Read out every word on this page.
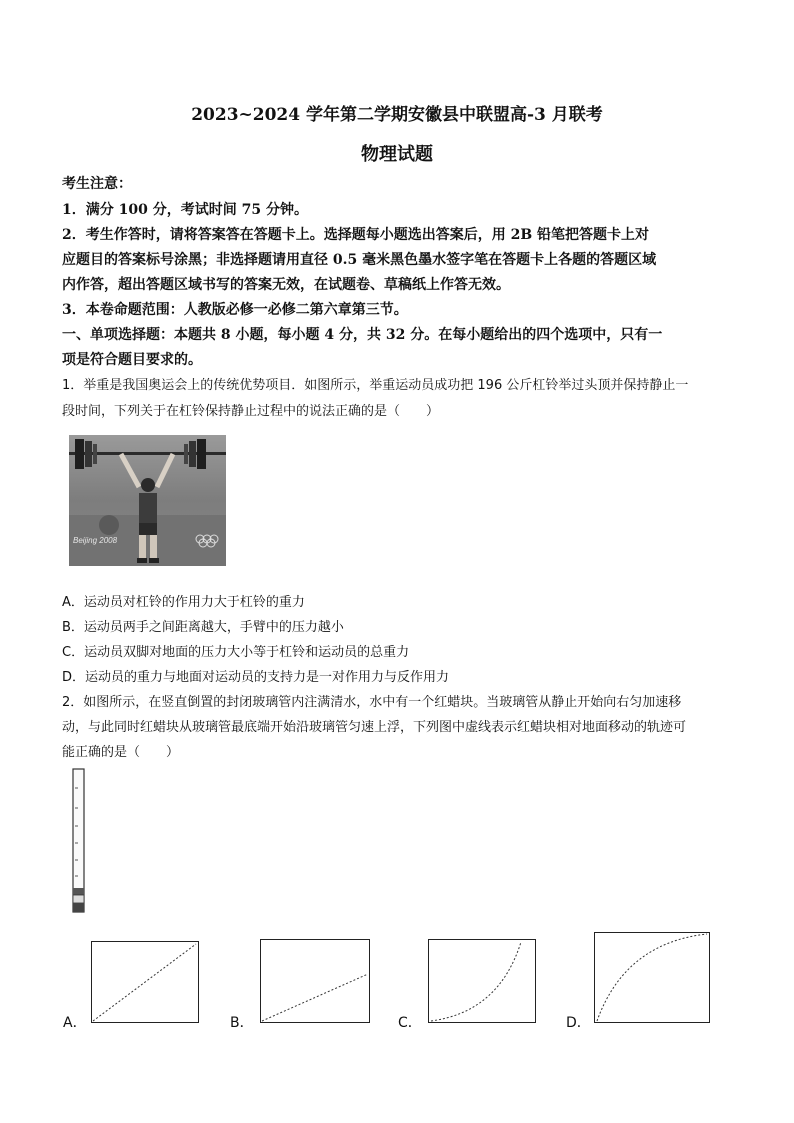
2023~2024 学年第二学期安徽县中联盟高-3 月联考
物理试题
考生注意：
1．满分 100 分，考试时间 75 分钟。
2．考生作答时，请将答案答在答题卡上。选择题每小题选出答案后，用 2B 铅笔把答题卡上对
应题目的答案标号涂黑；非选择题请用直径 0.5 毫米黑色墨水签字笔在答题卡上各题的答题区域
内作答，超出答题区域书写的答案无效，在试题卷、草稿纸上作答无效。
3．本卷命题范围：人教版必修一必修二第六章第三节。
一、单项选择题：本题共 8 小题，每小题 4 分，共 32 分。在每小题给出的四个选项中，只有一
项是符合题目要求的。
1．举重是我国奥运会上的传统优势项目．如图所示，举重运动员成功把 196 公斤杠铃举过头顶并保持静止一
段时间，下列关于在杠铃保持静止过程中的说法正确的是（　　）
Beijing 2008
A．运动员对杠铃的作用力大于杠铃的重力
B．运动员两手之间距离越大，手臂中的压力越小
C．运动员双脚对地面的压力大小等于杠铃和运动员的总重力
D．运动员的重力与地面对运动员的支持力是一对作用力与反作用力
2．如图所示，在竖直倒置的封闭玻璃管内注满清水，水中有一个红蜡块。当玻璃管从静止开始向右匀加速移
动，与此同时红蜡块从玻璃管最底端开始沿玻璃管匀速上浮，下列图中虚线表示红蜡块相对地面移动的轨迹可
能正确的是（　　）
A．	B．	C．	D．
